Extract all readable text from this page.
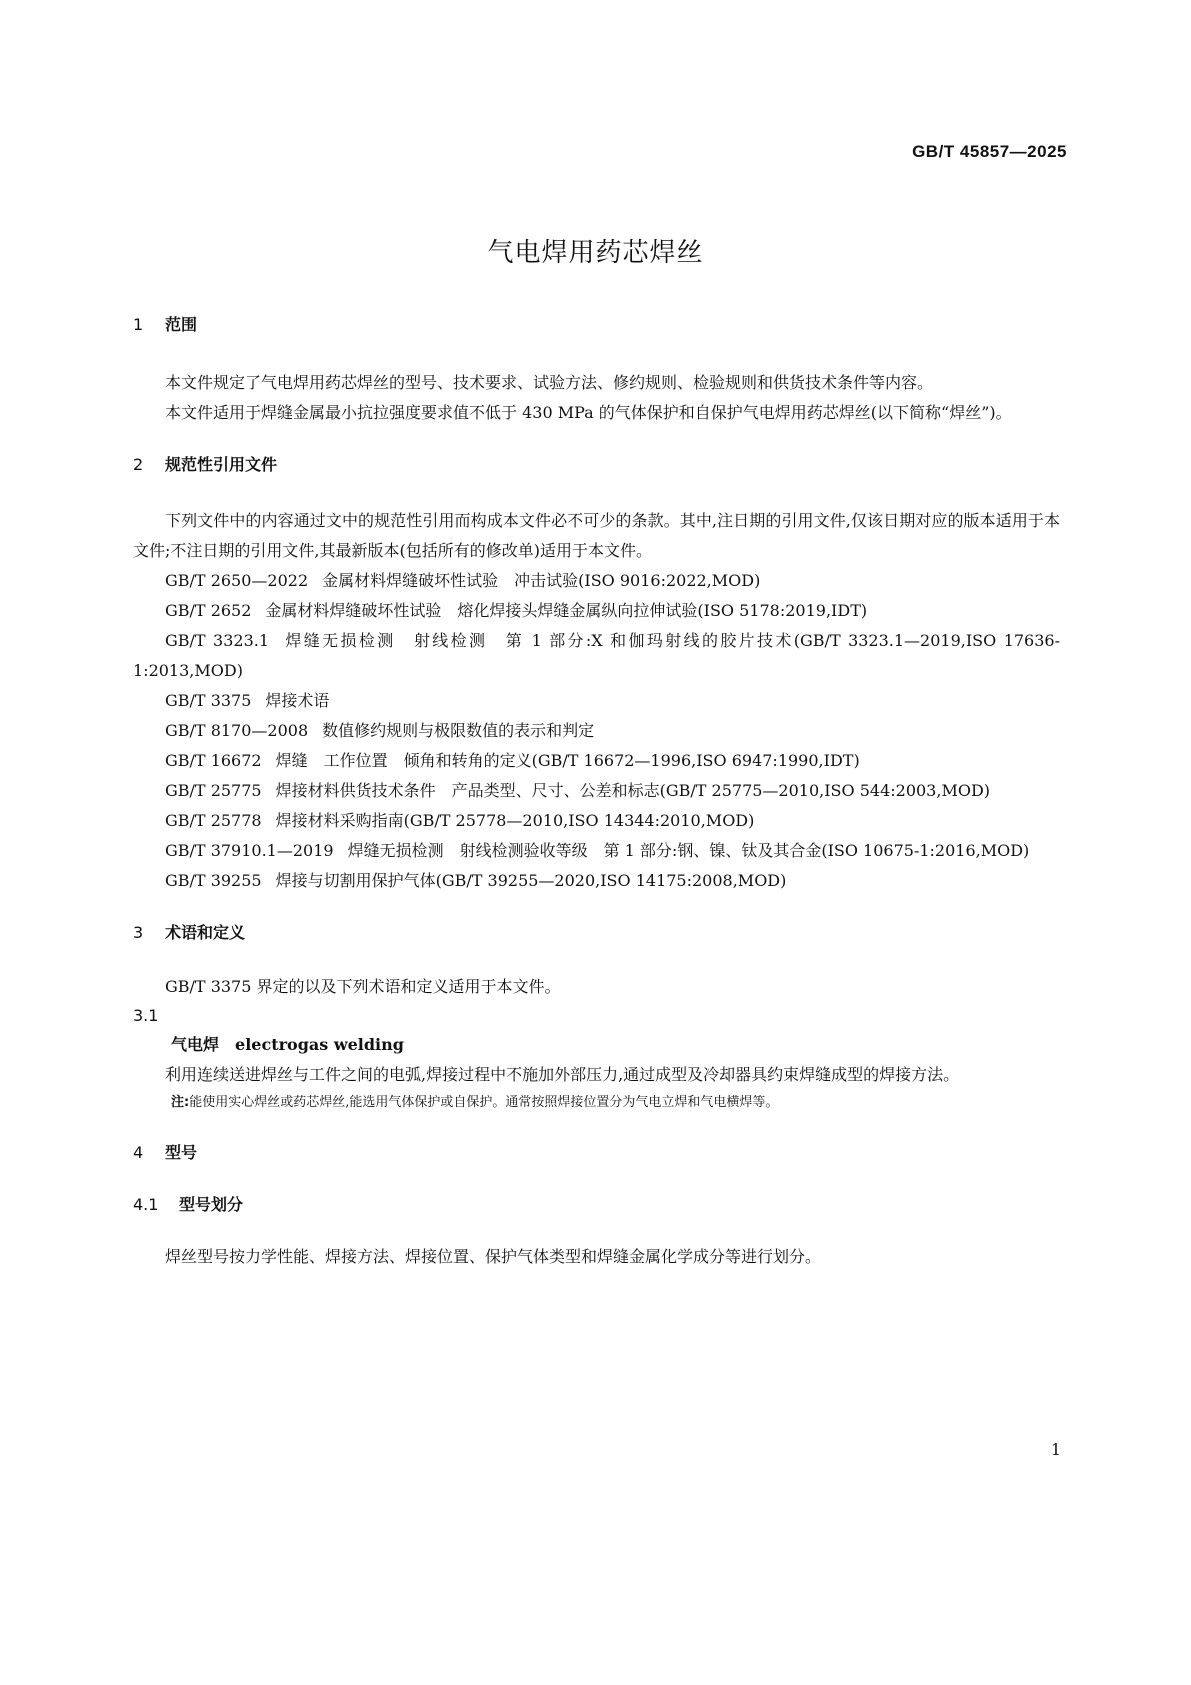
GB/T 45857—2025
气电焊用药芯焊丝
1 范围

本文件规定了气电焊用药芯焊丝的型号、技术要求、试验方法、修约规则、检验规则和供货技术条件等内容。

本文件适用于焊缝金属最小抗拉强度要求值不低于 430 MPa 的气体保护和自保护气电焊用药芯焊丝(以下简称“焊丝”)。

2 规范性引用文件

下列文件中的内容通过文中的规范性引用而构成本文件必不可少的条款。其中,注日期的引用文件,仅该日期对应的版本适用于本文件;不注日期的引用文件,其最新版本(包括所有的修改单)适用于本文件。

GB/T 2650—2022 金属材料焊缝破坏性试验　冲击试验(ISO 9016:2022,MOD)

GB/T 2652 金属材料焊缝破坏性试验　熔化焊接头焊缝金属纵向拉伸试验(ISO 5178:2019,IDT)

GB/T 3323.1 焊缝无损检测　射线检测　第 1 部分:X 和伽玛射线的胶片技术(GB/T 3323.1—2019,ISO 17636-1:2013,MOD)

GB/T 3375 焊接术语

GB/T 8170—2008 数值修约规则与极限数值的表示和判定

GB/T 16672 焊缝　工作位置　倾角和转角的定义(GB/T 16672—1996,ISO 6947:1990,IDT)

GB/T 25775 焊接材料供货技术条件　产品类型、尺寸、公差和标志(GB/T 25775—2010,ISO 544:2003,MOD)

GB/T 25778 焊接材料采购指南(GB/T 25778—2010,ISO 14344:2010,MOD)

GB/T 37910.1—2019 焊缝无损检测　射线检测验收等级　第 1 部分:钢、镍、钛及其合金(ISO 10675-1:2016,MOD)

GB/T 39255 焊接与切割用保护气体(GB/T 39255—2020,ISO 14175:2008,MOD)

3 术语和定义

GB/T 3375 界定的以及下列术语和定义适用于本文件。

3.1

气电焊 electrogas welding

利用连续送进焊丝与工件之间的电弧,焊接过程中不施加外部压力,通过成型及冷却器具约束焊缝成型的焊接方法。

注:能使用实心焊丝或药芯焊丝,能选用气体保护或自保护。通常按照焊接位置分为气电立焊和气电横焊等。

4 型号
4.1 型号划分

焊丝型号按力学性能、焊接方法、焊接位置、保护气体类型和焊缝金属化学成分等进行划分。

1
